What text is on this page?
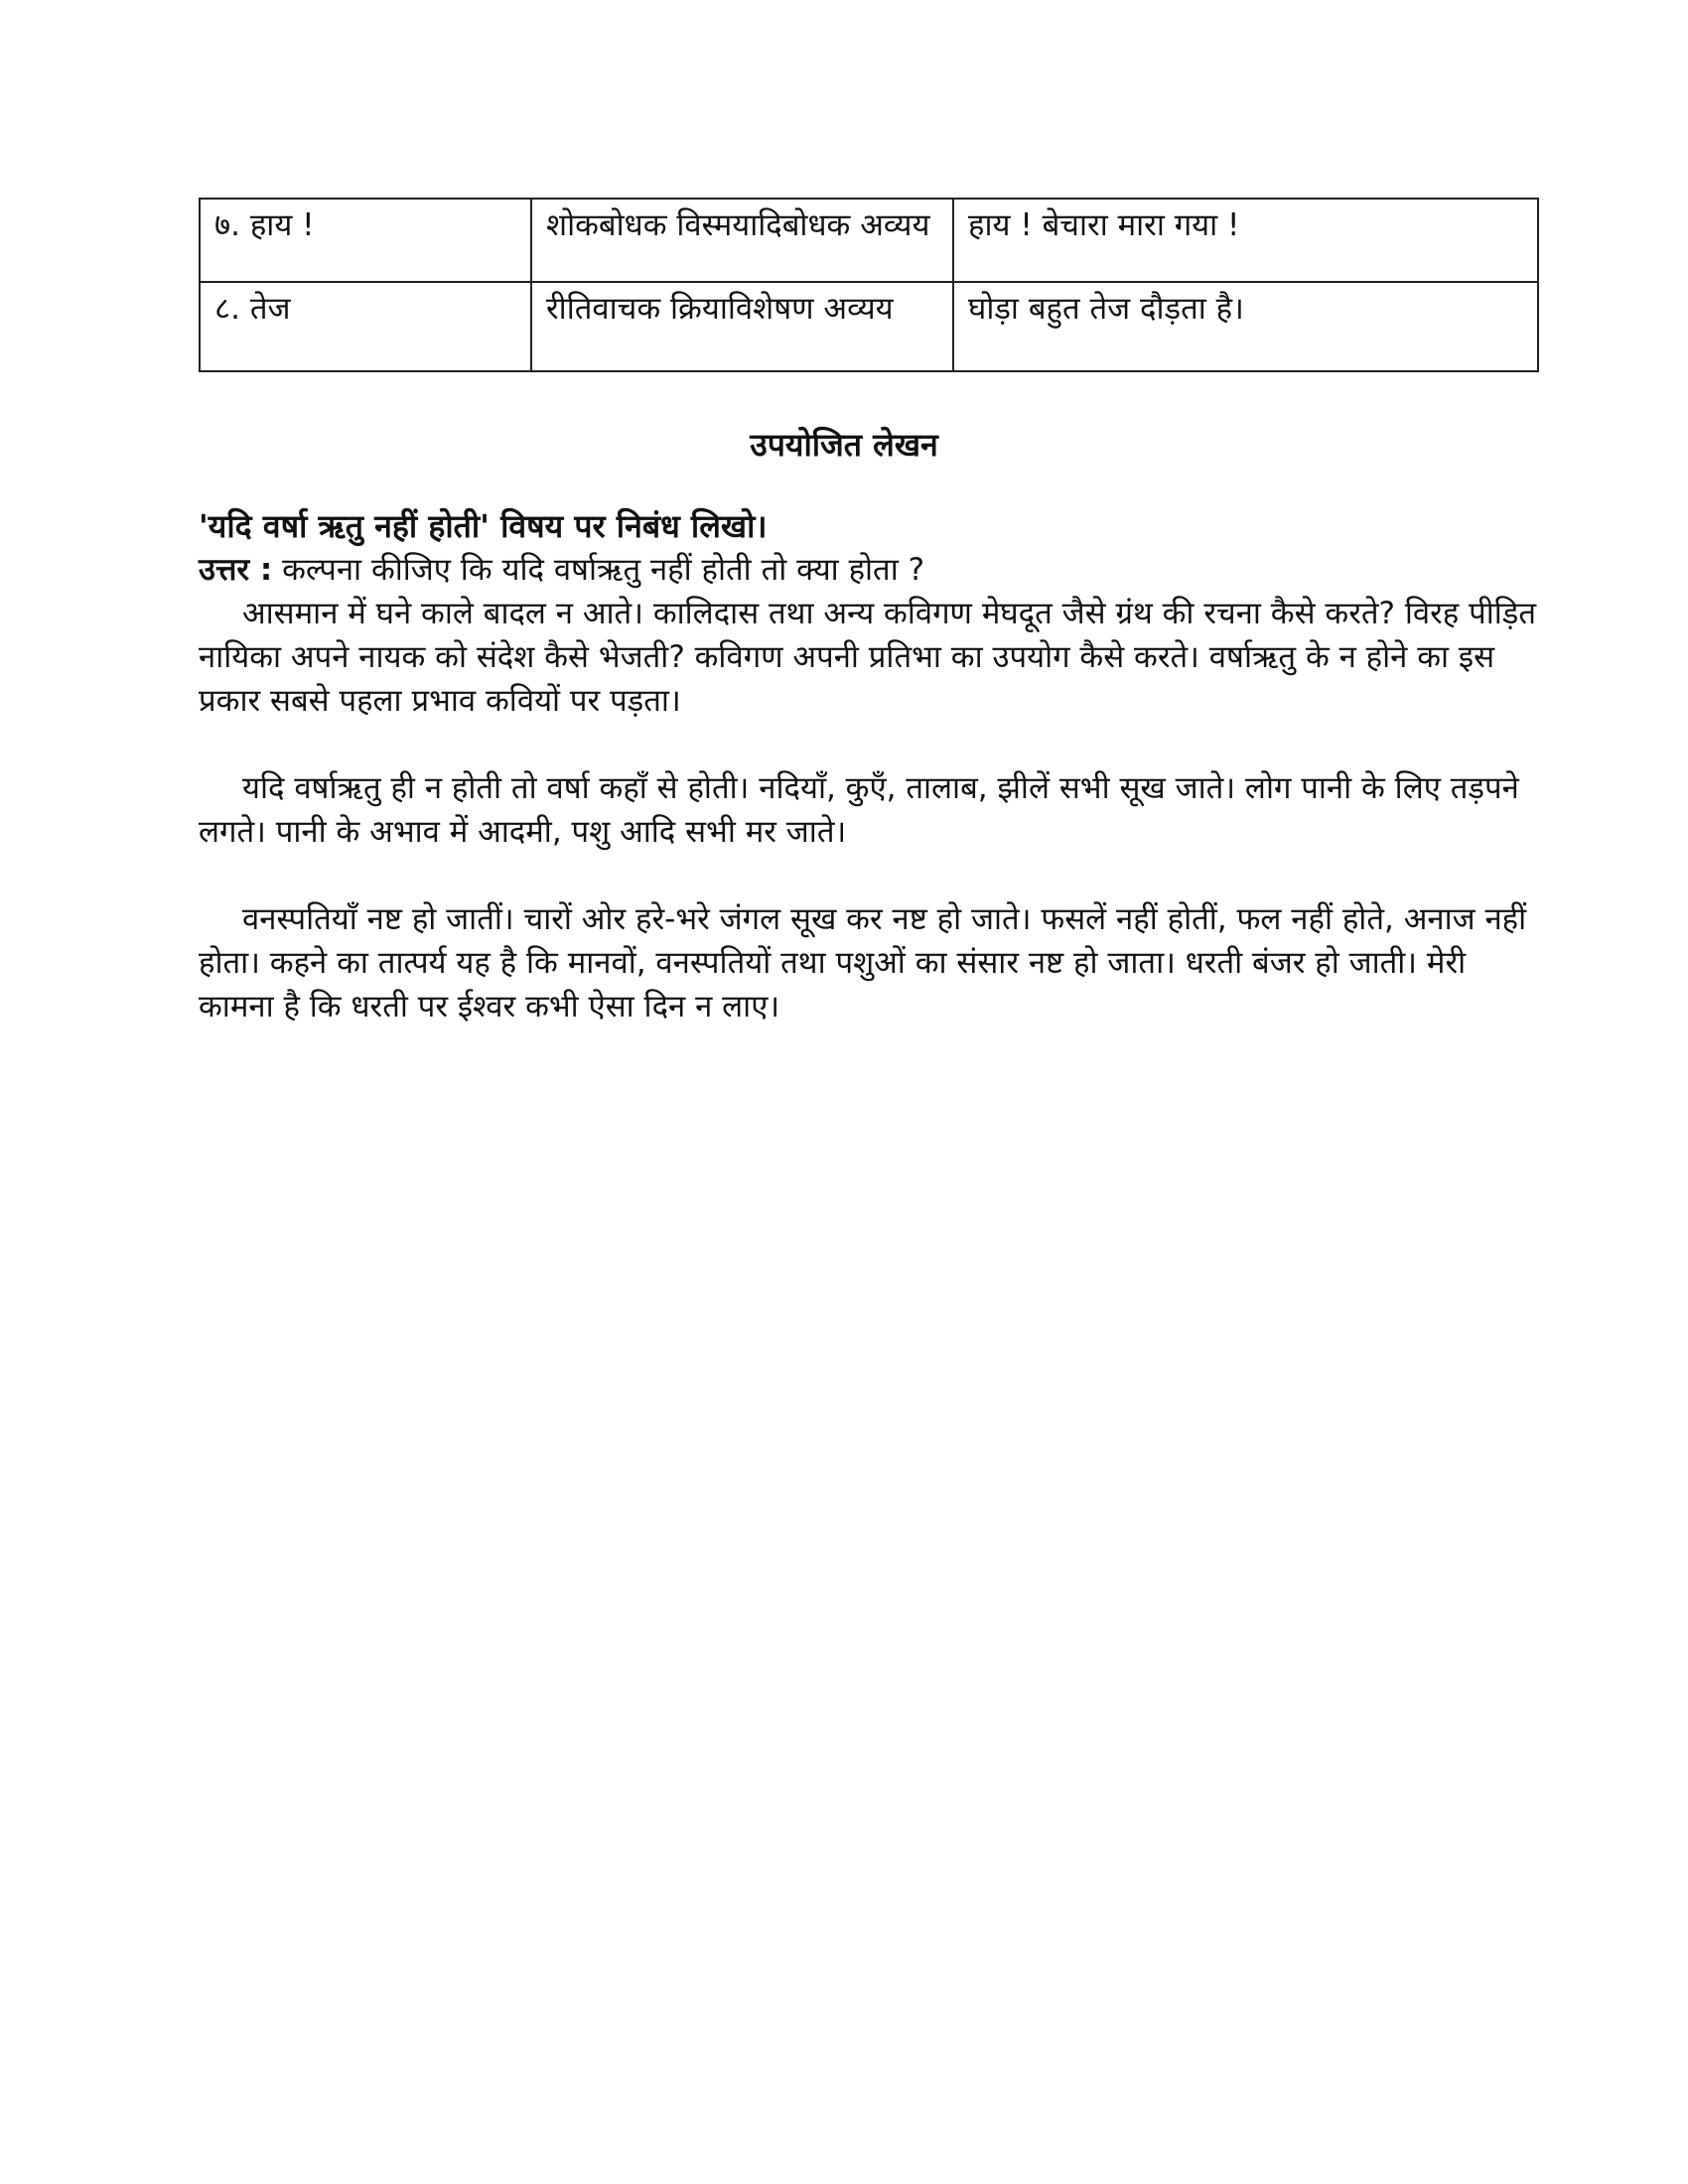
७. हाय !	शोकबोधक विस्मयादिबोधक अव्यय	हाय ! बेचारा मारा गया !
८. तेज	रीतिवाचक क्रियाविशेषण अव्यय	घोड़ा बहुत तेज दौड़ता है।
उपयोजित लेखन

'यदि वर्षा ऋतु नहीं होती' विषय पर निबंध लिखो।

उत्तर : कल्पना कीजिए कि यदि वर्षाऋतु नहीं होती तो क्या होता ?

आसमान में घने काले बादल न आते। कालिदास तथा अन्य कविगण मेघदूत जैसे ग्रंथ की रचना कैसे करते? विरह पीड़ित नायिका अपने नायक को संदेश कैसे भेजती? कविगण अपनी प्रतिभा का उपयोग कैसे करते। वर्षाऋतु के न होने का इस प्रकार सबसे पहला प्रभाव कवियों पर पड़ता।

यदि वर्षाऋतु ही न होती तो वर्षा कहाँ से होती। नदियाँ, कुएँ, तालाब, झीलें सभी सूख जाते। लोग पानी के लिए तड़पने लगते। पानी के अभाव में आदमी, पशु आदि सभी मर जाते।

वनस्पतियाँ नष्ट हो जातीं। चारों ओर हरे-भरे जंगल सूख कर नष्ट हो जाते। फसलें नहीं होतीं, फल नहीं होते, अनाज नहीं होता। कहने का तात्पर्य यह है कि मानवों, वनस्पतियों तथा पशुओं का संसार नष्ट हो जाता। धरती बंजर हो जाती। मेरी कामना है कि धरती पर ईश्वर कभी ऐसा दिन न लाए।
